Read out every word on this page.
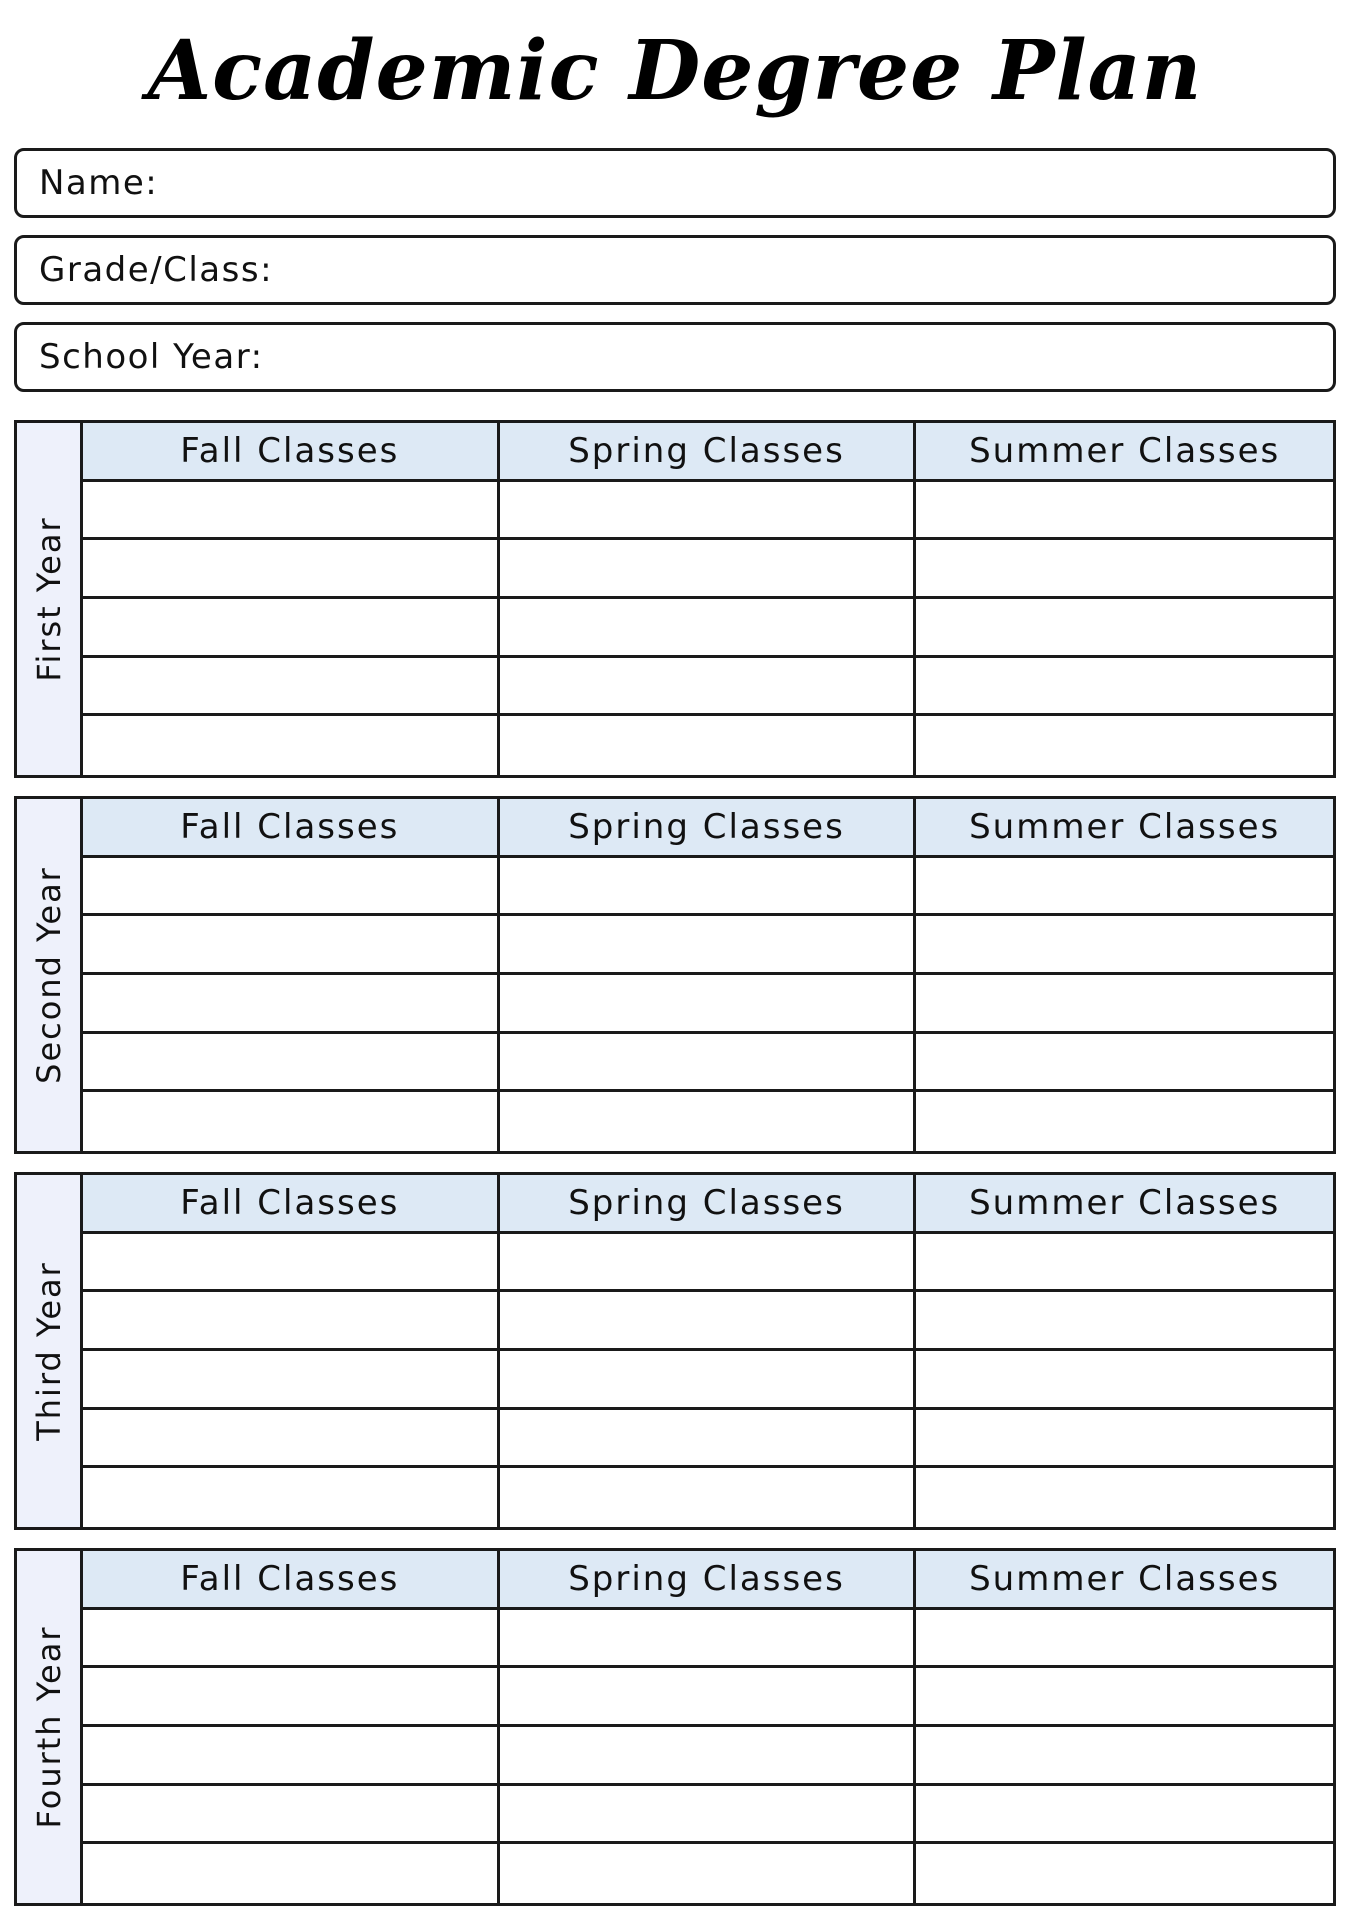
Academic Degree Plan
Name:
Grade/Class:
School Year:
First Year
Fall Classes	Spring Classes	Summer Classes
Second Year
Fall Classes	Spring Classes	Summer Classes
Third Year
Fall Classes	Spring Classes	Summer Classes
Fourth Year
Fall Classes	Spring Classes	Summer Classes
